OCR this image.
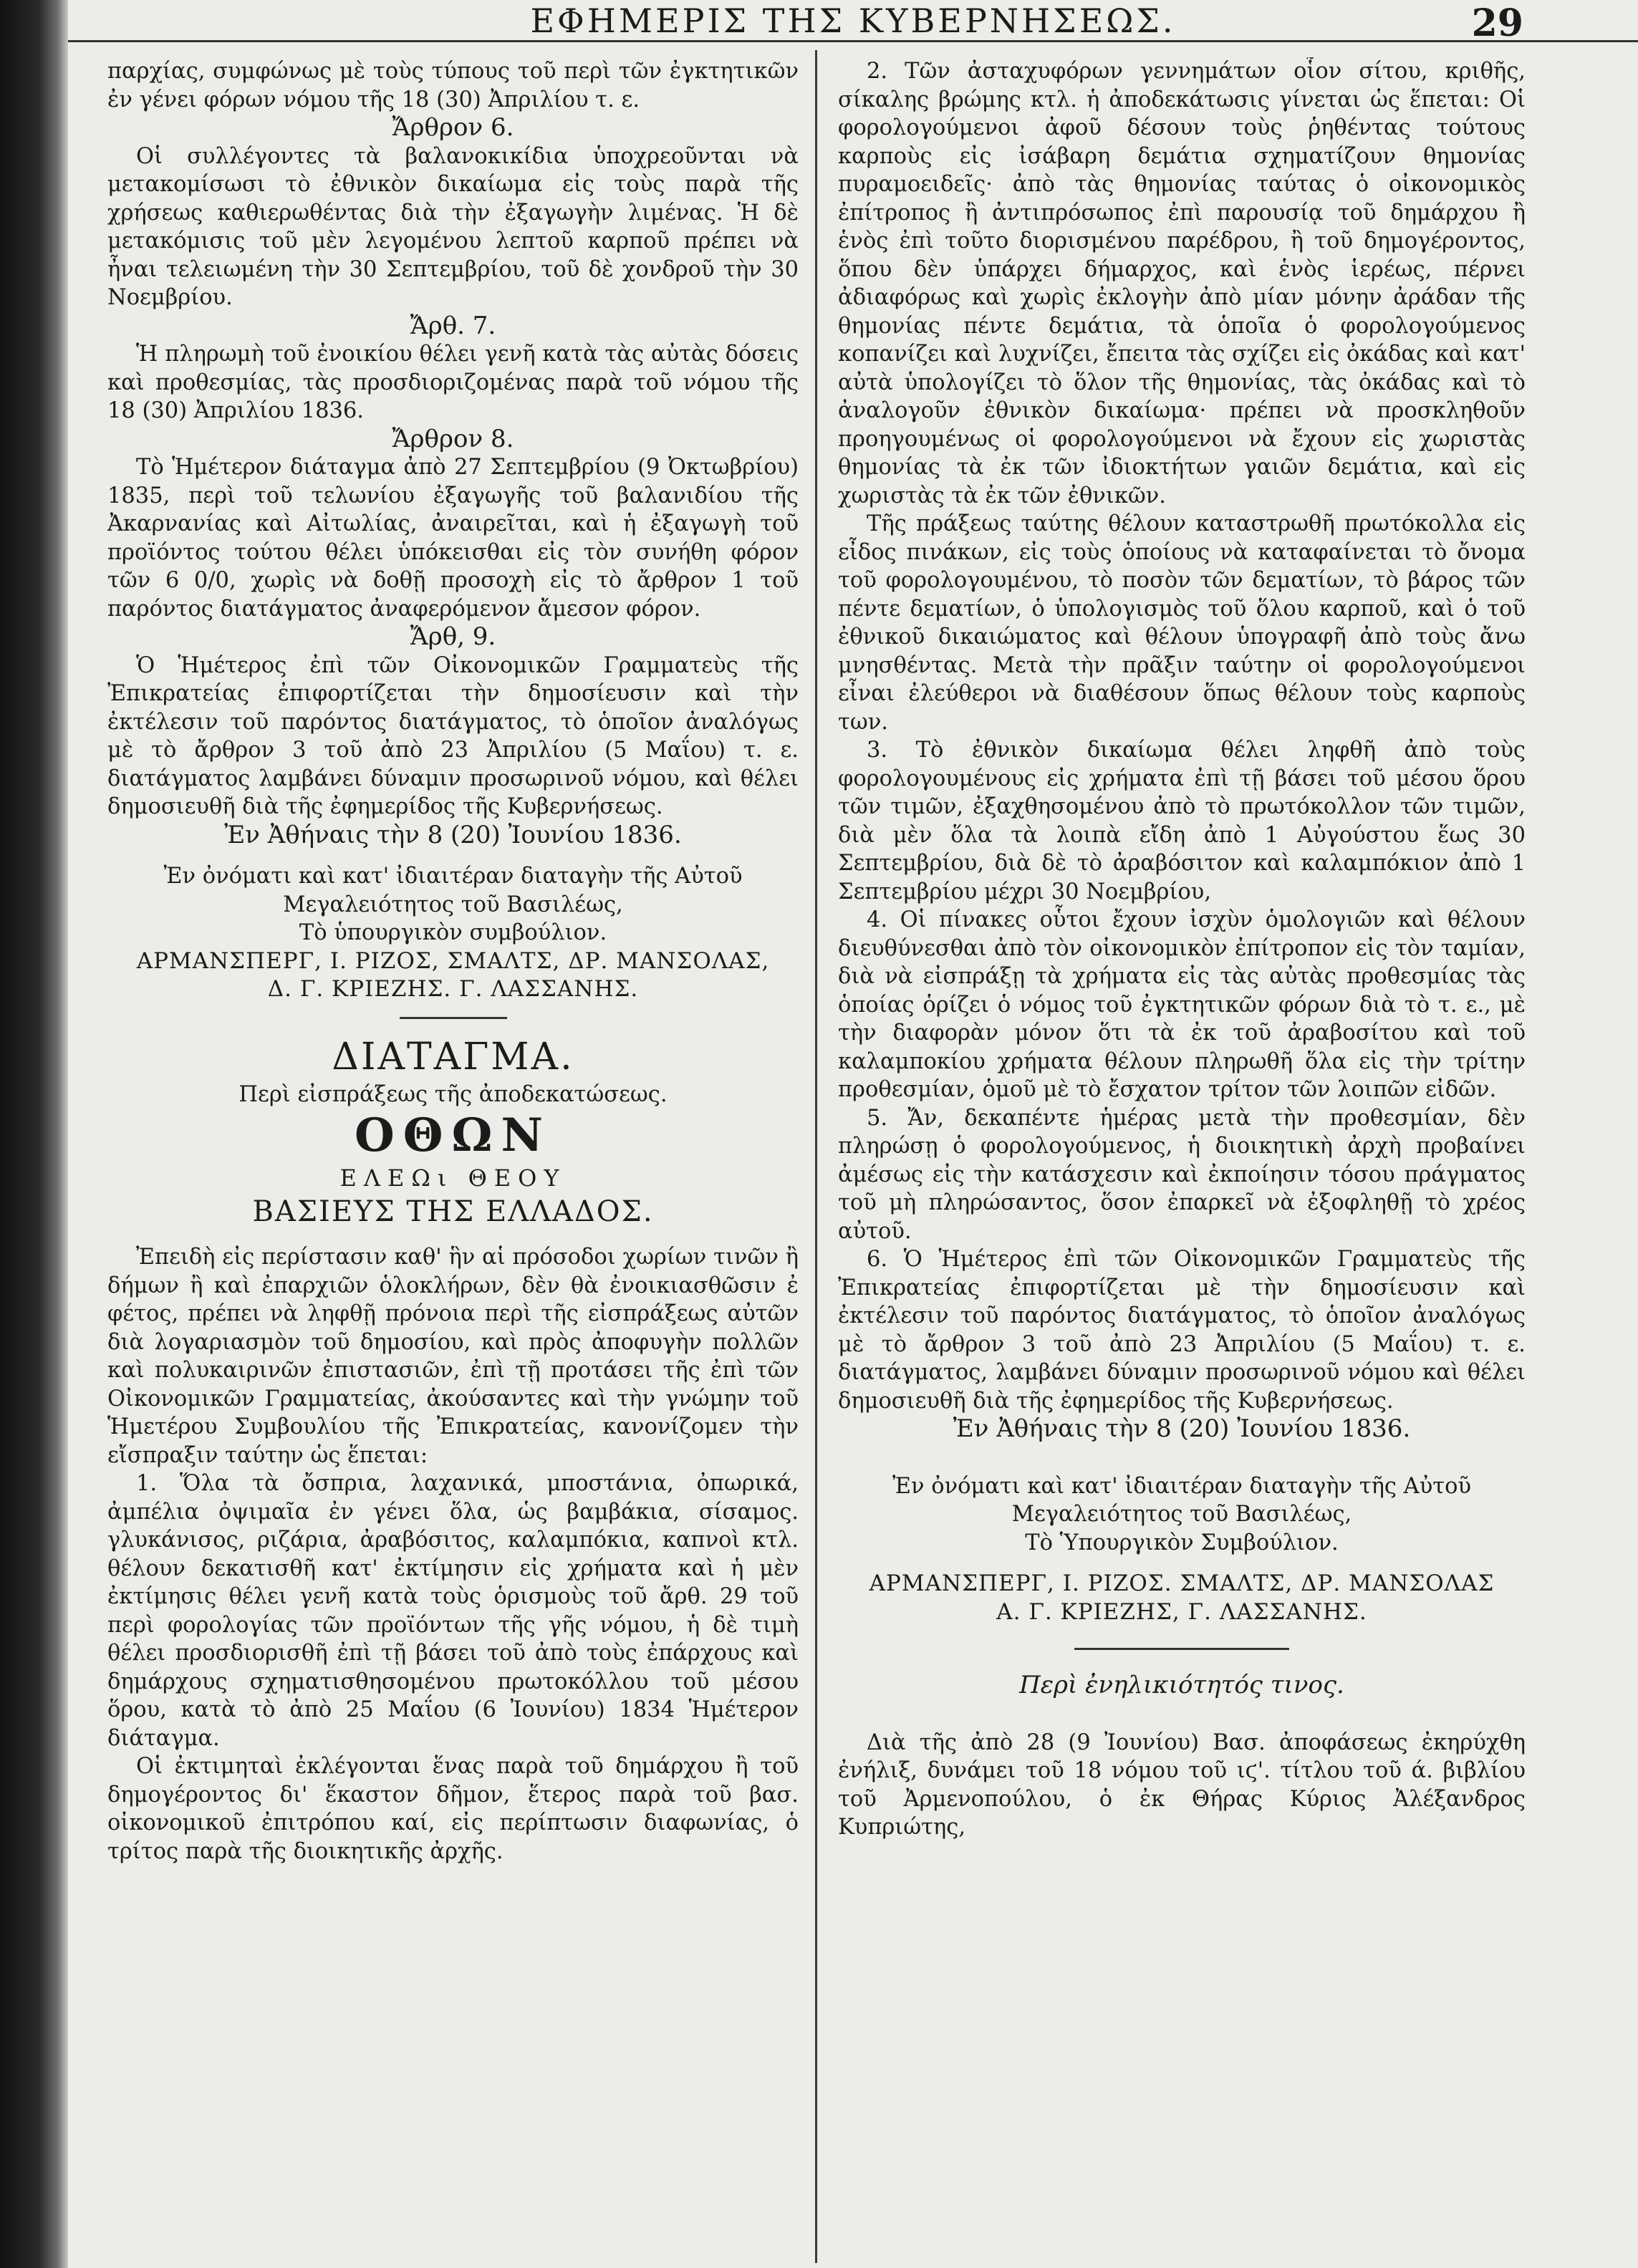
ΕΦΗΜΕΡΙΣ ΤΗΣ ΚΥΒΕΡΝΗΣΕΩΣ.	29

παρχίας, συμφώνως μὲ τοὺς τύπους τοῦ περὶ τῶν ἐγκτητικῶν ἐν γένει φόρων νόμου τῆς 18 (30) Ἀπριλίου τ. ε.

Ἄρθρον 6.

Οἱ συλλέγοντες τὰ βαλανοκικίδια ὑποχρεοῦνται νὰ μετακομίσωσι τὸ ἐθνικὸν δικαίωμα εἰς τοὺς παρὰ τῆς χρήσεως καθιερωθέντας διὰ τὴν ἐξαγωγὴν λιμένας. Ἡ δὲ μετακόμισις τοῦ μὲν λεγομένου λεπτοῦ καρποῦ πρέπει νὰ ἦναι τελειωμένη τὴν 30 Σεπτεμβρίου, τοῦ δὲ χονδροῦ τὴν 30 Νοεμβρίου.

Ἄρθ. 7.

Ἡ πληρωμὴ τοῦ ἐνοικίου θέλει γενῆ κατὰ τὰς αὐτὰς δόσεις καὶ προθεσμίας, τὰς προσδιοριζομένας παρὰ τοῦ νόμου τῆς 18 (30) Ἀπριλίου 1836.

Ἄρθρον 8.

Τὸ Ἡμέτερον διάταγμα ἀπὸ 27 Σεπτεμβρίου (9 Ὀκτωβρίου) 1835, περὶ τοῦ τελωνίου ἐξαγωγῆς τοῦ βαλανιδίου τῆς Ἀκαρνανίας καὶ Αἰτωλίας, ἀναιρεῖται, καὶ ἡ ἐξαγωγὴ τοῦ προϊόντος τούτου θέλει ὑπόκεισθαι εἰς τὸν συνήθη φόρον τῶν 6 0/0, χωρὶς νὰ δοθῇ προσοχὴ εἰς τὸ ἄρθρον 1 τοῦ παρόντος διατάγματος ἀναφερόμενον ἄμεσον φόρον.

Ἄρθ, 9.

Ὁ Ἡμέτερος ἐπὶ τῶν Οἰκονομικῶν Γραμματεὺς τῆς Ἐπικρατείας ἐπιφορτίζεται τὴν δημοσίευσιν καὶ τὴν ἐκτέλεσιν τοῦ παρόντος διατάγματος, τὸ ὁποῖον ἀναλόγως μὲ τὸ ἄρθρον 3 τοῦ ἀπὸ 23 Ἀπριλίου (5 Μαΐου) τ. ε. διατάγματος λαμβάνει δύναμιν προσωρινοῦ νόμου, καὶ θέλει δημοσιευθῆ διὰ τῆς ἐφημερίδος τῆς Κυβερνήσεως.

Ἐν Ἀθήναις τὴν 8 (20) Ἰουνίου 1836.

Ἐν ὀνόματι καὶ κατ' ἰδιαιτέραν διαταγὴν τῆς Αὐτοῦ

Μεγαλειότητος τοῦ Βασιλέως,

Τὸ ὑπουργικὸν συμβούλιον.

ΑΡΜΑΝΣΠΕΡΓ, Ι. ΡΙΖΟΣ, ΣΜΑΛΤΣ, ΔΡ. ΜΑΝΣΟΛΑΣ,

Δ. Γ. ΚΡΙΕΖΗΣ. Γ. ΛΑΣΣΑΝΗΣ.

ΔΙΑΤΑΓΜΑ.

Περὶ εἰσπράξεως τῆς ἀποδεκατώσεως.

ΟΘΩΝ

ΕΛΕΩι ΘΕΟΥ

ΒΑΣΙΕΥΣ ΤΗΣ ΕΛΛΑΔΟΣ.

Ἐπειδὴ εἰς περίστασιν καθ' ἣν αἱ πρόσοδοι χωρίων τινῶν ἢ δήμων ἢ καὶ ἐπαρχιῶν ὁλοκλήρων, δὲν θὰ ἐνοικιασθῶσιν ἐ φέτος, πρέπει νὰ ληφθῇ πρόνοια περὶ τῆς εἰσπράξεως αὐτῶν διὰ λογαριασμὸν τοῦ δημοσίου, καὶ πρὸς ἀποφυγὴν πολλῶν καὶ πολυκαιρινῶν ἐπιστασιῶν, ἐπὶ τῇ προτάσει τῆς ἐπὶ τῶν Οἰκονομικῶν Γραμματείας, ἀκούσαντες καὶ τὴν γνώμην τοῦ Ἡμετέρου Συμβουλίου τῆς Ἐπικρατείας, κανονίζομεν τὴν εἴσπραξιν ταύτην ὡς ἕπεται:

1. Ὅλα τὰ ὄσπρια, λαχανικά, μποστάνια, ὀπωρικά, ἀμπέλια ὀψιμαῖα ἐν γένει ὅλα, ὡς βαμβάκια, σίσαμος. γλυκάνισος, ριζάρια, ἀραβόσιτος, καλαμπόκια, καπνοὶ κτλ. θέλουν δεκατισθῆ κατ' ἐκτίμησιν εἰς χρήματα καὶ ἡ μὲν ἐκτίμησις θέλει γενῆ κατὰ τοὺς ὁρισμοὺς τοῦ ἄρθ. 29 τοῦ περὶ φορολογίας τῶν προϊόντων τῆς γῆς νόμου, ἡ δὲ τιμὴ θέλει προσδιορισθῆ ἐπὶ τῇ βάσει τοῦ ἀπὸ τοὺς ἐπάρχους καὶ δημάρχους σχηματισθησομένου πρωτοκόλλου τοῦ μέσου ὅρου, κατὰ τὸ ἀπὸ 25 Μαΐου (6 Ἰουνίου) 1834 Ἡμέτερον διάταγμα.

Οἱ ἐκτιμηταὶ ἐκλέγονται ἕνας παρὰ τοῦ δημάρχου ἢ τοῦ δημογέροντος δι' ἕκαστον δῆμον, ἕτερος παρὰ τοῦ βασ. οἰκονομικοῦ ἐπιτρόπου καί, εἰς περίπτωσιν διαφωνίας, ὁ τρίτος παρὰ τῆς διοικητικῆς ἀρχῆς.

2. Τῶν ἀσταχυφόρων γεννημάτων οἷον σίτου, κριθῆς, σίκαλης βρώμης κτλ. ἡ ἀποδεκάτωσις γίνεται ὡς ἕπεται: Οἱ φορολογούμενοι ἀφοῦ δέσουν τοὺς ῥηθέντας τούτους καρποὺς εἰς ἰσάβαρη δεμάτια σχηματίζουν θημονίας πυραμοειδεῖς· ἀπὸ τὰς θημονίας ταύτας ὁ οἰκονομικὸς ἐπίτροπος ἢ ἀντιπρόσωπος ἐπὶ παρουσίᾳ τοῦ δημάρχου ἢ ἑνὸς ἐπὶ τοῦτο διορισμένου παρέδρου, ἢ τοῦ δημογέροντος, ὅπου δὲν ὑπάρχει δήμαρχος, καὶ ἑνὸς ἱερέως, πέρνει ἀδιαφόρως καὶ χωρὶς ἐκλογὴν ἀπὸ μίαν μόνην ἀράδαν τῆς θημονίας πέντε δεμάτια, τὰ ὁποῖα ὁ φορολογούμενος κοπανίζει καὶ λυχνίζει, ἔπειτα τὰς σχίζει εἰς ὀκάδας καὶ κατ' αὐτὰ ὑπολογίζει τὸ ὅλον τῆς θημονίας, τὰς ὀκάδας καὶ τὸ ἀναλογοῦν ἐθνικὸν δικαίωμα· πρέπει νὰ προσκληθοῦν προηγουμένως οἱ φορολογούμενοι νὰ ἔχουν εἰς χωριστὰς θημονίας τὰ ἐκ τῶν ἰδιοκτήτων γαιῶν δεμάτια, καὶ εἰς χωριστὰς τὰ ἐκ τῶν ἐθνικῶν.

Τῆς πράξεως ταύτης θέλουν καταστρωθῆ πρωτόκολλα εἰς εἶδος πινάκων, εἰς τοὺς ὁποίους νὰ καταφαίνεται τὸ ὄνομα τοῦ φορολογουμένου, τὸ ποσὸν τῶν δεματίων, τὸ βάρος τῶν πέντε δεματίων, ὁ ὑπολογισμὸς τοῦ ὅλου καρποῦ, καὶ ὁ τοῦ ἐθνικοῦ δικαιώματος καὶ θέλουν ὑπογραφῆ ἀπὸ τοὺς ἄνω μνησθέντας. Μετὰ τὴν πρᾶξιν ταύτην οἱ φορολογούμενοι εἶναι ἐλεύθεροι νὰ διαθέσουν ὅπως θέλουν τοὺς καρποὺς των.

3. Τὸ ἐθνικὸν δικαίωμα θέλει ληφθῆ ἀπὸ τοὺς φορολογουμένους εἰς χρήματα ἐπὶ τῇ βάσει τοῦ μέσου ὅρου τῶν τιμῶν, ἐξαχθησομένου ἀπὸ τὸ πρωτόκολλον τῶν τιμῶν, διὰ μὲν ὅλα τὰ λοιπὰ εἴδη ἀπὸ 1 Αὐγούστου ἕως 30 Σεπτεμβρίου, διὰ δὲ τὸ ἀραβόσιτον καὶ καλαμπόκιον ἀπὸ 1 Σεπτεμβρίου μέχρι 30 Νοεμβρίου,

4. Οἱ πίνακες οὗτοι ἔχουν ἰσχὺν ὁμολογιῶν καὶ θέλουν διευθύνεσθαι ἀπὸ τὸν οἰκονομικὸν ἐπίτροπον εἰς τὸν ταμίαν, διὰ νὰ εἰσπράξῃ τὰ χρήματα εἰς τὰς αὐτὰς προθεσμίας τὰς ὁποίας ὁρίζει ὁ νόμος τοῦ ἐγκτητικῶν φόρων διὰ τὸ τ. ε., μὲ τὴν διαφορὰν μόνον ὅτι τὰ ἐκ τοῦ ἀραβοσίτου καὶ τοῦ καλαμποκίου χρήματα θέλουν πληρωθῆ ὅλα εἰς τὴν τρίτην προθεσμίαν, ὁμοῦ μὲ τὸ ἔσχατον τρίτον τῶν λοιπῶν εἰδῶν.

5. Ἄν, δεκαπέντε ἡμέρας μετὰ τὴν προθεσμίαν, δὲν πληρώσῃ ὁ φορολογούμενος, ἡ διοικητικὴ ἀρχὴ προβαίνει ἀμέσως εἰς τὴν κατάσχεσιν καὶ ἐκποίησιν τόσου πράγματος τοῦ μὴ πληρώσαντος, ὅσον ἐπαρκεῖ νὰ ἐξοφληθῇ τὸ χρέος αὐτοῦ.

6. Ὁ Ἡμέτερος ἐπὶ τῶν Οἰκονομικῶν Γραμματεὺς τῆς Ἐπικρατείας ἐπιφορτίζεται μὲ τὴν δημοσίευσιν καὶ ἐκτέλεσιν τοῦ παρόντος διατάγματος, τὸ ὁποῖον ἀναλόγως μὲ τὸ ἄρθρον 3 τοῦ ἀπὸ 23 Ἀπριλίου (5 Μαΐου) τ. ε. διατάγματος, λαμβάνει δύναμιν προσωρινοῦ νόμου καὶ θέλει δημοσιευθῆ διὰ τῆς ἐφημερίδος τῆς Κυβερνήσεως.

Ἐν Ἀθήναις τὴν 8 (20) Ἰουνίου 1836.

Ἐν ὀνόματι καὶ κατ' ἰδιαιτέραν διαταγὴν τῆς Αὐτοῦ

Μεγαλειότητος τοῦ Βασιλέως,

Τὸ Ὑπουργικὸν Συμβούλιον.

ΑΡΜΑΝΣΠΕΡΓ, Ι. ΡΙΖΟΣ. ΣΜΑΛΤΣ, ΔΡ. ΜΑΝΣΟΛΑΣ

Α. Γ. ΚΡΙΕΖΗΣ, Γ. ΛΑΣΣΑΝΗΣ.

Περὶ ἐνηλικιότητός τινος.

Διὰ τῆς ἀπὸ 28 (9 Ἰουνίου) Βασ. ἀποφάσεως ἐκηρύχθη ἐνήλιξ, δυνάμει τοῦ 18 νόμου τοῦ ιϛ'. τίτλου τοῦ ά. βιβλίου τοῦ Ἀρμενοπούλου, ὁ ἐκ Θήρας Κύριος Ἀλέξανδρος Κυπριώτης,
